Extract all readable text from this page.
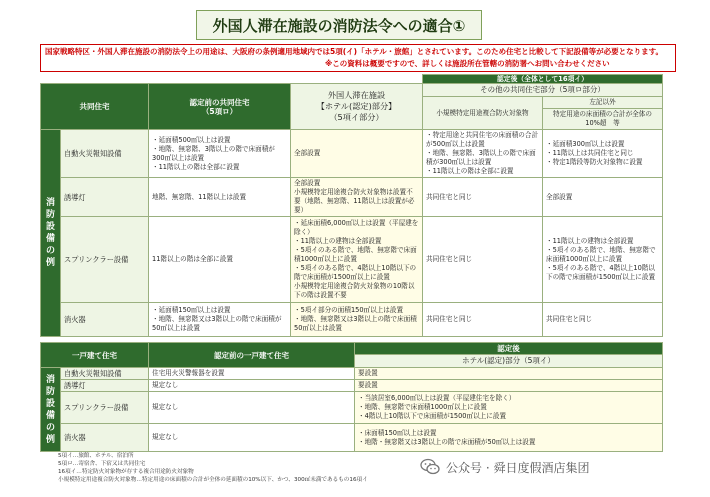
外国人滞在施設の消防法令への適合①
国家戦略特区・外国人滞在施設の消防法令上の用途は、大阪府の条例適用地域内では5項(イ)「ホテル・旅館」とされています。このため住宅と比較して下記設備等が必要となります。
※この資料は概要ですので、詳しくは施設所在管轄の消防署へお問い合わせください
				認定後（全体として16項イ）	
共同住宅		認定前の共同住宅
（5項ロ）	外国人滞在施設
【ホテル(認定)部分】
（5項イ部分）	その他の共同住宅部分（5項ロ部分）	
				小規模特定用途複合防火対象物	左記以外
					特定用途の床面積の合計が全体の10%超　等
消防設備の例	自動火災報知設備	・延面積500㎡以上は設置
・地階、無窓階、3階以上の階で床面積が300㎡以上は設置
・11階以上の階は全部に設置	全部設置	・特定用途と共同住宅の床面積の合計が500㎡以上は設置
・地階、無窓階、3階以上の階で床面積が300㎡以上は設置
・11階以上の階は全部に設置	・延面積300㎡以上は設置
・11階以上は共同住宅と同じ
・特定1階段等防火対象物に設置
	誘導灯	地階、無窓階、11階以上は設置	全部設置
小規模特定用途複合防火対象物は設置不要（地階、無窓階、11階以上は設置が必要）	共同住宅と同じ	全部設置
	スプリンクラー設備	11階以上の階は全部に設置	・延床面積6,000㎡以上は設置（平屋建を除く）
・11階以上の建物は全部設置
・5項イのある階で、地階、無窓階で床面積1000㎡以上に設置
・5項イのある階で、4階以上10階以下の階で床面積が1500㎡以上に設置
小規模特定用途複合防火対象物の10階以下の階は設置不要	共同住宅と同じ	・11階以上の建物は全部設置
・5項イのある階で、地階、無窓階で床面積1000㎡以上に設置
・5項イのある階で、4階以上10階以下の階で床面積が1500㎡以上に設置
	消火器	・延面積150㎡以上は設置
・地階、無窓階又は3階以上の階で床面積が50㎡以上は設置	・5項イ部分の面積150㎡以上は設置
・地階、無窓階又は3階以上の階で床面積50㎡以上は設置	共同住宅と同じ	共同住宅と同じ
一戸建て住宅		認定前の一戸建て住宅	認定後
			ホテル(認定)部分（5項イ）
消防設備の例	自動火災報知設備	住宅用火災警報器を設置	要設置
	誘導灯	規定なし	要設置
	スプリンクラー設備	規定なし	・当該居室6,000㎡以上は設置（平屋建住宅を除く）
・地階、無窓階で床面積1000㎡以上に設置
・4階以上10階以下で床面積が1500㎡以上に設置
	消火器	規定なし	・床面積150㎡以上は設置
・地階・無窓階又は3階以上の階で床面積が50㎡以上は設置
5項イ…旅館、ホテル、宿泊所
5項ロ…寄宿舎、下宿又は共同住宅
16項イ…特定防火対象物が存する複合用途防火対象物
小規模特定用途複合防火対象物…特定用途の床面積の合計が全体の延面積の10%以下、かつ、300㎡未満であるもの16項イ
公众号 · 舜日度假酒店集团
